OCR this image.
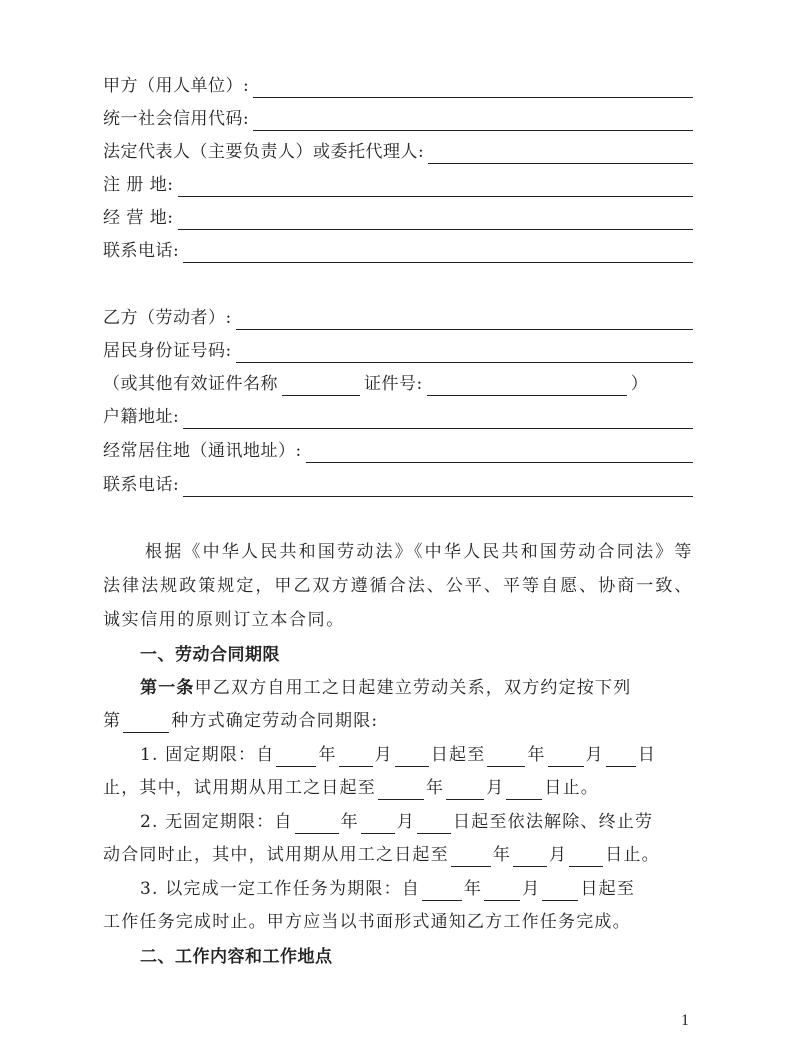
甲方（用人单位）:
统一社会信用代码:
法定代表人（主要负责人）或委托代理人:
注 册 地:
经 营 地:
联系电话:
乙方（劳动者）:
居民身份证号码:
（或其他有效证件名称	证件号:	）
户籍地址:
经常居住地（通讯地址）:
联系电话:

根据《中华人民共和国劳动法》《中华人民共和国劳动合同法》等法律法规政策规定，甲乙双方遵循合法、公平、平等自愿、协商一致、诚实信用的原则订立本合同。

一、劳动合同期限
第一条 甲乙双方自用工之日起建立劳动关系，双方约定按下列
第	种方式确定劳动合同期限:
1. 固定期限：自	年 月 日起至 年 月 日
止，其中，试用期从用工之日起至	年 月 日止。
2. 无固定期限：自	年 月 日起至依法解除、终止劳
动合同时止，其中，试用期从用工之日起至	年 月 日止。
3. 以完成一定工作任务为期限：自	年 月 日起至
工作任务完成时止。甲方应当以书面形式通知乙方工作任务完成。
二、工作内容和工作地点
1
